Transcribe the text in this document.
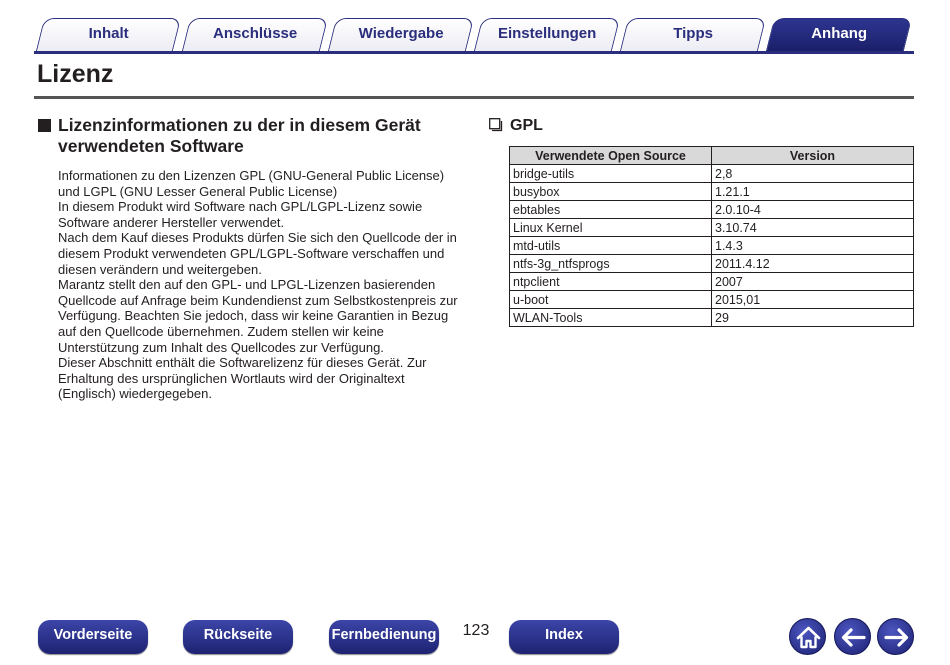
Inhalt	Anschlüsse	Wiedergabe	Einstellungen	Tipps	Anhang
Lizenz
Lizenzinformationen zu der in diesem Gerät verwendeten Software

Informationen zu den Lizenzen GPL (GNU-General Public License) und LGPL (GNU Lesser General Public License)

In diesem Produkt wird Software nach GPL/LGPL-Lizenz sowie Software anderer Hersteller verwendet.

Nach dem Kauf dieses Produkts dürfen Sie sich den Quellcode der in diesem Produkt verwendeten GPL/LGPL-Software verschaffen und diesen verändern und weitergeben.

Marantz stellt den auf den GPL- und LPGL-Lizenzen basierenden Quellcode auf Anfrage beim Kundendienst zum Selbstkostenpreis zur Verfügung. Beachten Sie jedoch, dass wir keine Garantien in Bezug auf den Quellcode übernehmen. Zudem stellen wir keine Unterstützung zum Inhalt des Quellcodes zur Verfügung.

Dieser Abschnitt enthält die Softwarelizenz für dieses Gerät. Zur Erhaltung des ursprünglichen Wortlauts wird der Originaltext (Englisch) wiedergegeben.

GPL
Verwendete Open Source	Version
bridge-utils	2,8
busybox	1.21.1
ebtables	2.0.10-4
Linux Kernel	3.10.74
mtd-utils	1.4.3
ntfs-3g_ntfsprogs	2011.4.12
ntpclient	2007
u-boot	2015,01
WLAN-Tools	29
Vorderseite	Rückseite	Fernbedienung 123	Index
